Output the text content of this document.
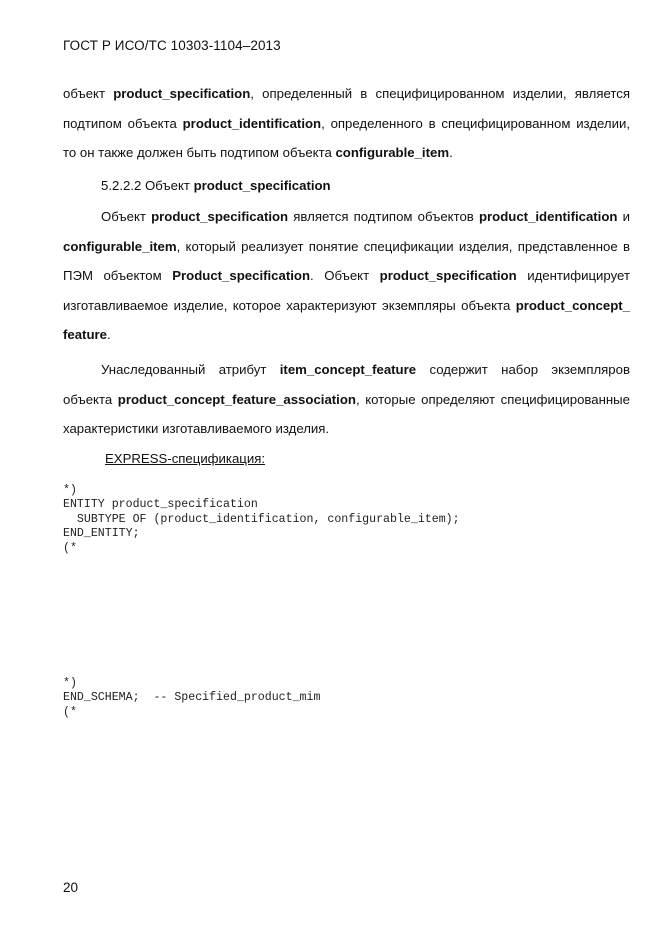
ГОСТ Р ИСО/ТС 10303-1104–2013
объект product_specification, определенный в специфицированном изделии, является подтипом объекта product_identification, определенного в специфицированном изделии, то он также должен быть подтипом объекта configurable_item.
5.2.2.2 Объект product_specification
Объект product_specification является подтипом объектов product_identification и configurable_item, который реализует понятие спецификации изделия, представленное в ПЭМ объектом Product_specification. Объект product_specification идентифицирует изготавливаемое изделие, которое характеризуют экземпляры объекта product_concept_ feature.
Унаследованный атрибут item_concept_feature содержит набор экземпляров объекта product_concept_feature_association, которые определяют специфицированные характеристики изготавливаемого изделия.
EXPRESS-спецификация:
*)
ENTITY product_specification
SUBTYPE OF (product_identification, configurable_item);
END_ENTITY;
(*
*)
END_SCHEMA;  -- Specified_product_mim
(*
20
